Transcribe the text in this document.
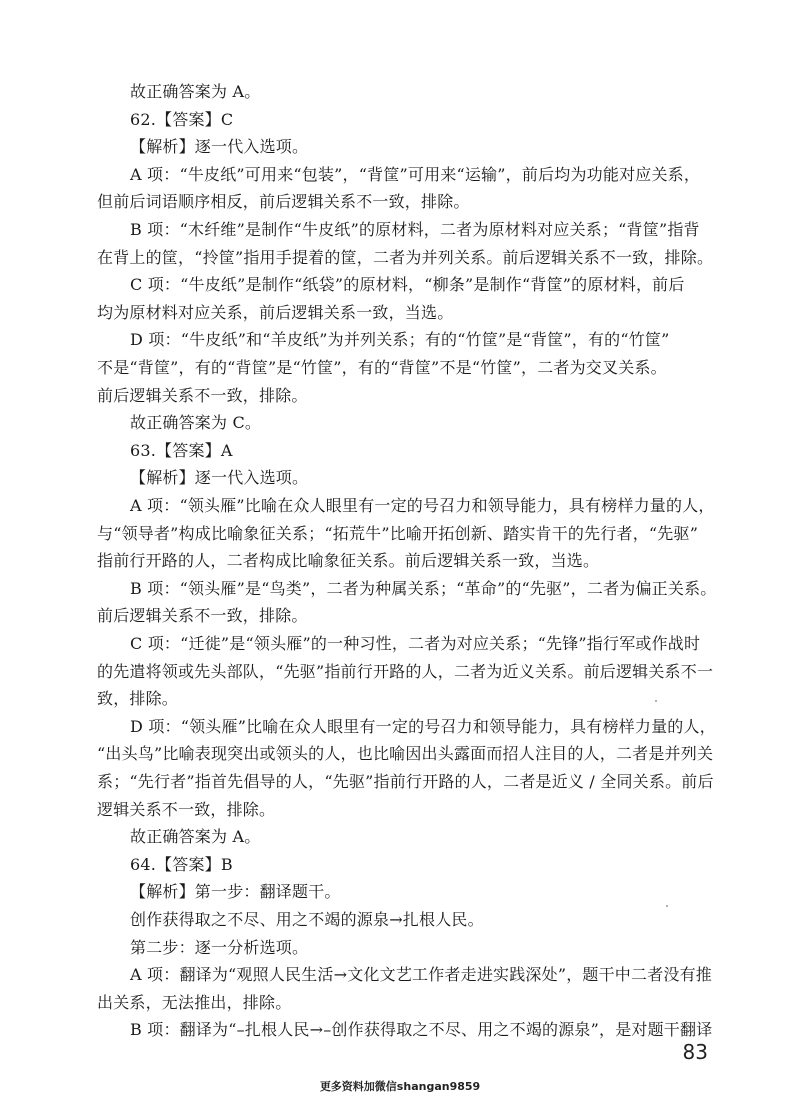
83
更多资料加微信shangan9859
故正确答案为 A。
62.【答案】C
【解析】逐一代入选项。
A 项：“牛皮纸”可用来“包装”，“背筐”可用来“运输”，前后均为功能对应关系，
但前后词语顺序相反，前后逻辑关系不一致，排除。
B 项：“木纤维”是制作“牛皮纸”的原材料，二者为原材料对应关系；“背筐”指背
在背上的筐，“拎筐”指用手提着的筐，二者为并列关系。前后逻辑关系不一致，排除。
C 项：“牛皮纸”是制作“纸袋”的原材料，“柳条”是制作“背筐”的原材料，前后
均为原材料对应关系，前后逻辑关系一致，当选。
D 项：“牛皮纸”和“羊皮纸”为并列关系；有的“竹筐”是“背筐”，有的“竹筐”
不是“背筐”，有的“背筐”是“竹筐”，有的“背筐”不是“竹筐”，二者为交叉关系。
前后逻辑关系不一致，排除。
故正确答案为 C。
63.【答案】A
【解析】逐一代入选项。
A 项：“领头雁”比喻在众人眼里有一定的号召力和领导能力，具有榜样力量的人，
与“领导者”构成比喻象征关系；“拓荒牛”比喻开拓创新、踏实肯干的先行者，“先驱”
指前行开路的人，二者构成比喻象征关系。前后逻辑关系一致，当选。
B 项：“领头雁”是“鸟类”，二者为种属关系；“革命”的“先驱”，二者为偏正关系。
前后逻辑关系不一致，排除。
C 项：“迁徙”是“领头雁”的一种习性，二者为对应关系；“先锋”指行军或作战时
的先遣将领或先头部队，“先驱”指前行开路的人，二者为近义关系。前后逻辑关系不一
致，排除。
D 项：“领头雁”比喻在众人眼里有一定的号召力和领导能力，具有榜样力量的人，
“出头鸟”比喻表现突出或领头的人，也比喻因出头露面而招人注目的人，二者是并列关
系；“先行者”指首先倡导的人，“先驱”指前行开路的人，二者是近义 / 全同关系。前后
逻辑关系不一致，排除。
故正确答案为 A。
64.【答案】B
【解析】第一步：翻译题干。
创作获得取之不尽、用之不竭的源泉→扎根人民。
第二步：逐一分析选项。
A 项：翻译为“观照人民生活→文化文艺工作者走进实践深处”，题干中二者没有推
出关系，无法推出，排除。
B 项：翻译为“–扎根人民→–创作获得取之不尽、用之不竭的源泉”，是对题干翻译
